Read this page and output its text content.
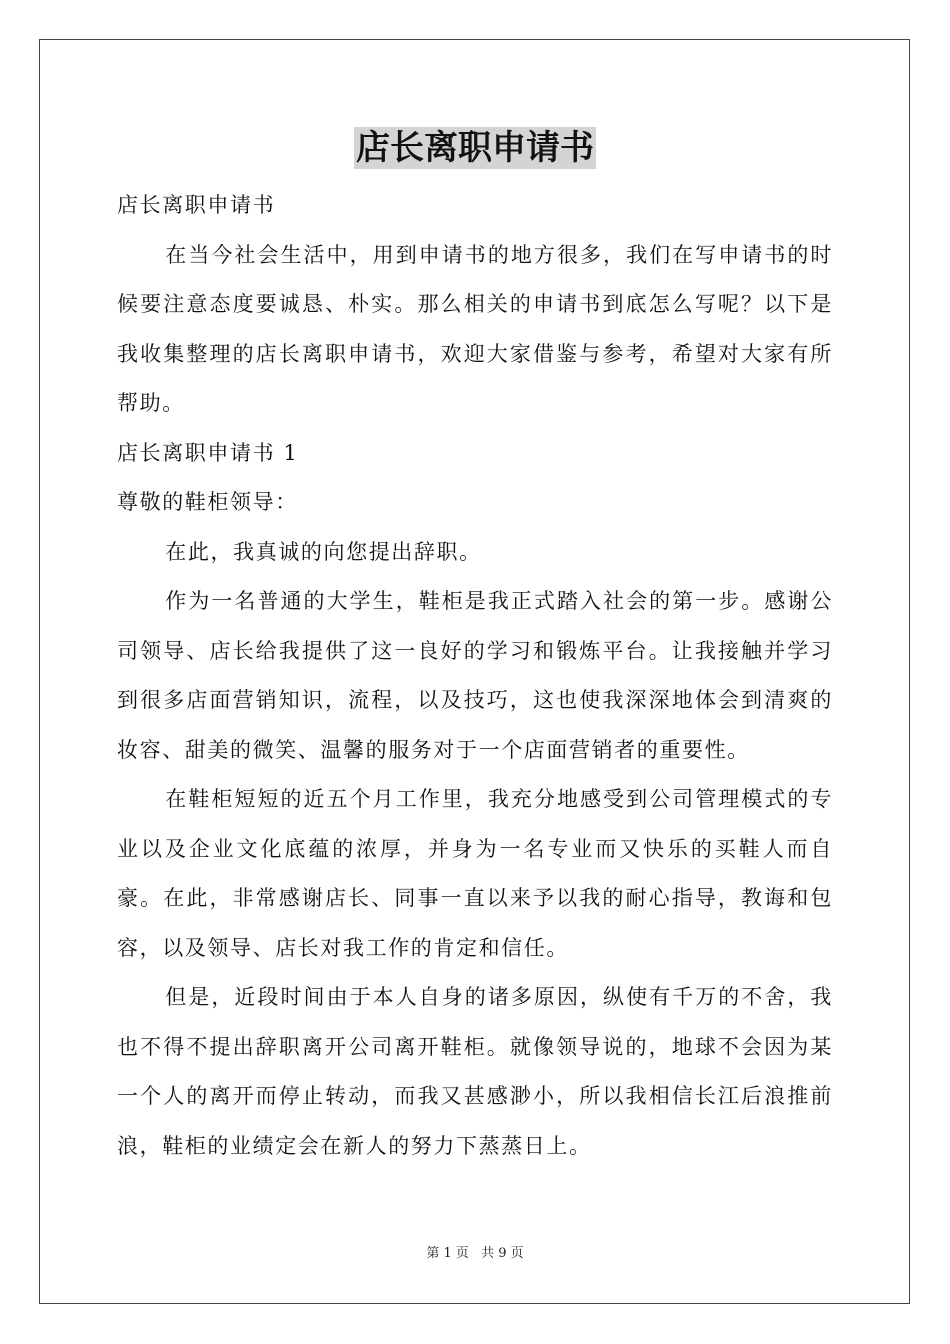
店长离职申请书

店长离职申请书

在当今社会生活中，用到申请书的地方很多，我们在写申请书的时候要注意态度要诚恳、朴实。那么相关的申请书到底怎么写呢？以下是我收集整理的店长离职申请书，欢迎大家借鉴与参考，希望对大家有所帮助。

店长离职申请书 1

尊敬的鞋柜领导：

在此，我真诚的向您提出辞职。

作为一名普通的大学生，鞋柜是我正式踏入社会的第一步。感谢公司领导、店长给我提供了这一良好的学习和锻炼平台。让我接触并学习到很多店面营销知识，流程，以及技巧，这也使我深深地体会到清爽的妆容、甜美的微笑、温馨的服务对于一个店面营销者的重要性。

在鞋柜短短的近五个月工作里，我充分地感受到公司管理模式的专业以及企业文化底蕴的浓厚，并身为一名专业而又快乐的买鞋人而自豪。在此，非常感谢店长、同事一直以来予以我的耐心指导，教诲和包容，以及领导、店长对我工作的肯定和信任。

但是，近段时间由于本人自身的诸多原因，纵使有千万的不舍，我也不得不提出辞职离开公司离开鞋柜。就像领导说的，地球不会因为某一个人的离开而停止转动，而我又甚感渺小，所以我相信长江后浪推前浪，鞋柜的业绩定会在新人的努力下蒸蒸日上。

第 1 页 共 9 页
